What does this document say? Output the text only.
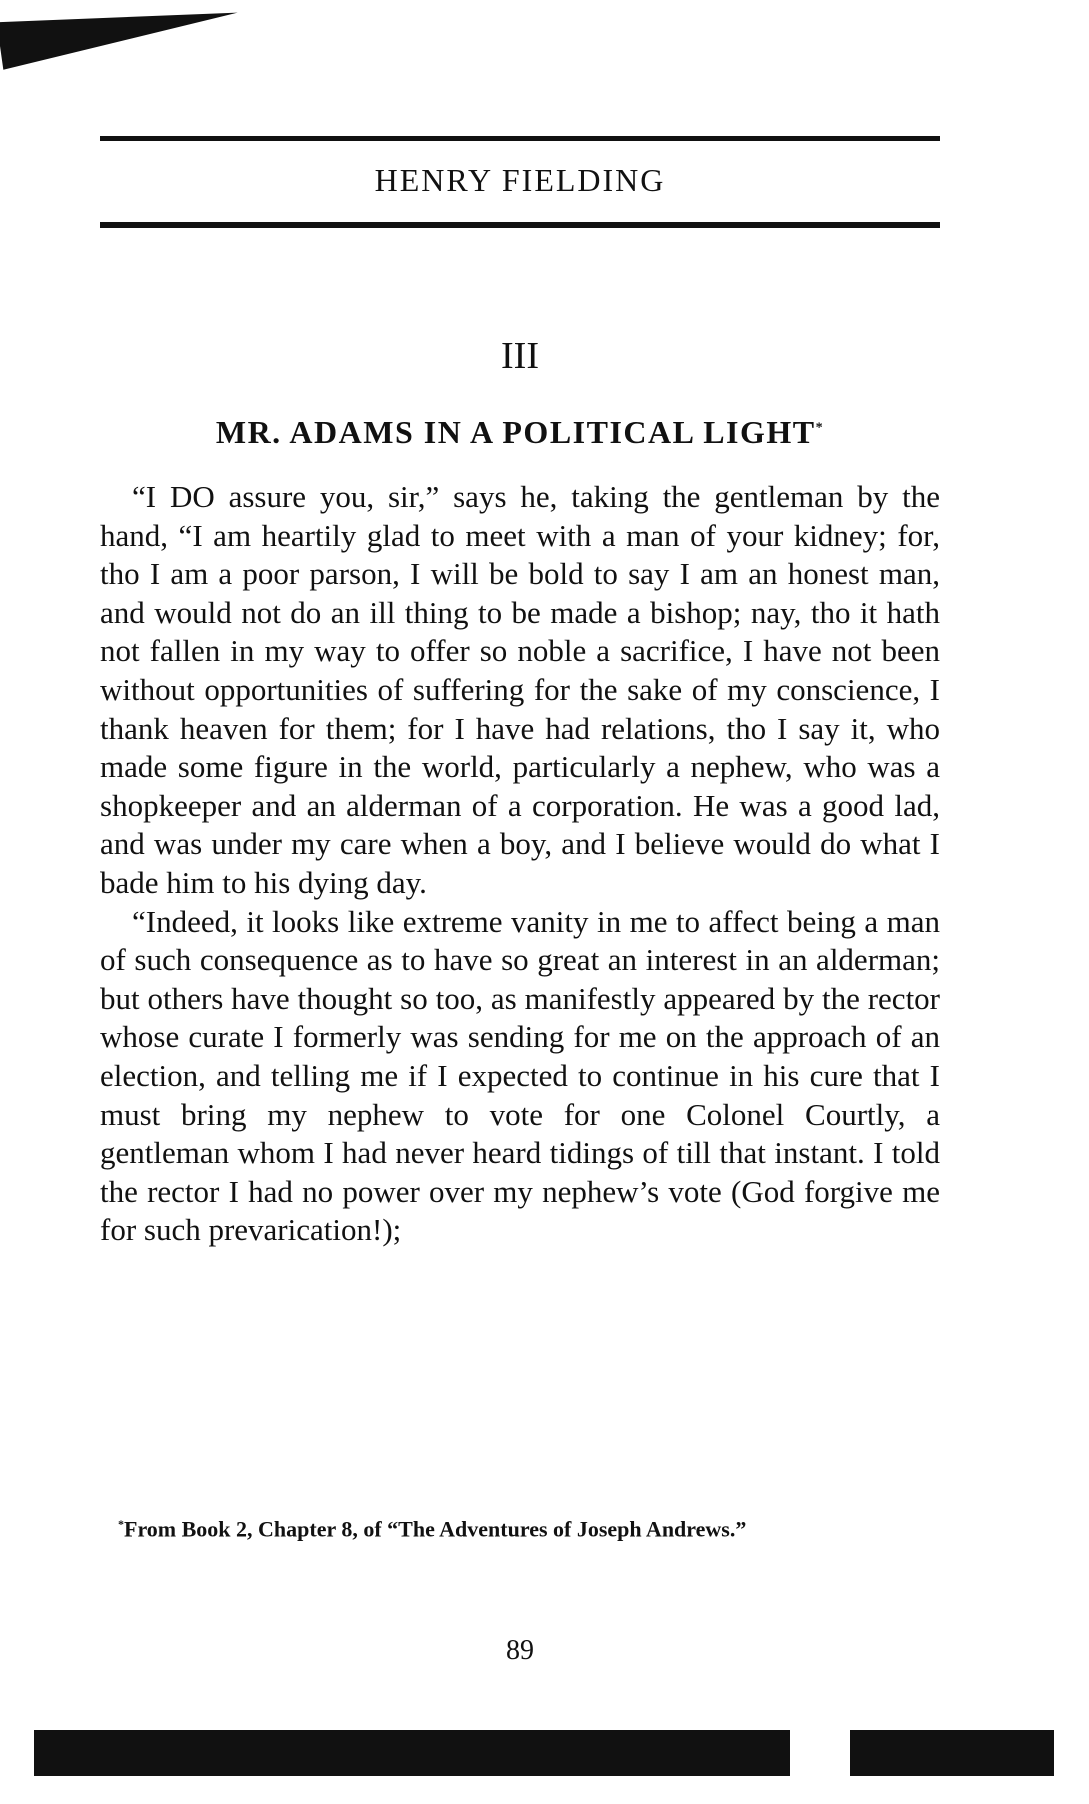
HENRY FIELDING
III
MR. ADAMS IN A POLITICAL LIGHT*

“I DO assure you, sir,” says he, taking the gentleman by the hand, “I am heartily glad to meet with a man of your kidney; for, tho I am a poor parson, I will be bold to say I am an honest man, and would not do an ill thing to be made a bishop; nay, tho it hath not fallen in my way to offer so noble a sacrifice, I have not been without opportunities of suffering for the sake of my conscience, I thank heaven for them; for I have had relations, tho I say it, who made some figure in the world, particularly a nephew, who was a shopkeeper and an alderman of a corporation. He was a good lad, and was under my care when a boy, and I believe would do what I bade him to his dying day.

“Indeed, it looks like extreme vanity in me to affect being a man of such consequence as to have so great an interest in an alderman; but others have thought so too, as manifestly appeared by the rector whose curate I formerly was sending for me on the approach of an election, and telling me if I expected to continue in his cure that I must bring my nephew to vote for one Colonel Courtly, a gentleman whom I had never heard tidings of till that instant. I told the rector I had no power over my nephew’s vote (God forgive me for such prevarication!);

*From Book 2, Chapter 8, of “The Adventures of Joseph Andrews.”
89
